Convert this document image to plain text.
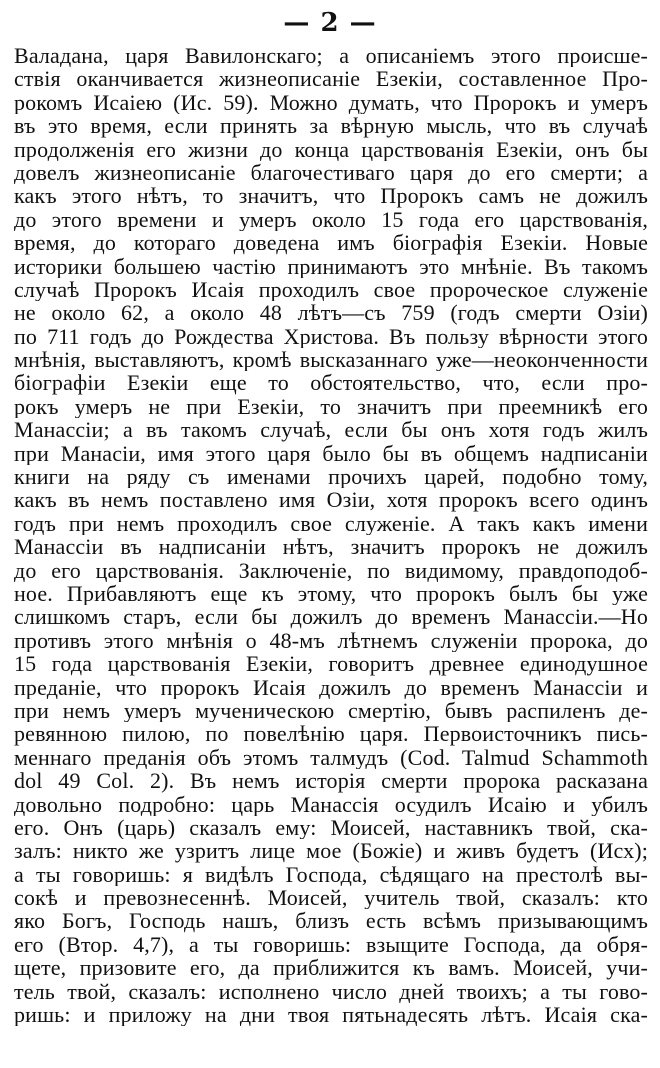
— 2 —
Валадана, царя Вавилонскаго; а описанiемъ этого происше-
ствiя оканчивается жизнеописанiе Езекiи, составленное Про-
рокомъ Исаiею (Ис. 59). Можно думать, что Пророкъ и умеръ
въ это время, если принять за вѣрную мысль, что въ случаѣ
продолженiя его жизни до конца царствованiя Езекiи, онъ бы
довелъ жизнеописанiе благочестиваго царя до его смерти; а
какъ этого нѣтъ, то значитъ, что Пророкъ самъ не дожилъ
до этого времени и умеръ около 15 года его царствованiя,
время, до котораго доведена имъ бiографiя Езекiи. Новые
историки большею частiю принимаютъ это мнѣнiе. Въ такомъ
случаѣ Пророкъ Исаiя проходилъ свое пророческое служенiе
не около 62, а около 48 лѣтъ—съ 759 (годъ смерти Озiи)
по 711 годъ до Рождества Христова. Въ пользу вѣрности этого
мнѣнiя, выставляютъ, кромѣ высказаннаго уже—неоконченности
бiографiи Езекiи еще то обстоятельство, что, если про-
рокъ умеръ не при Езекiи, то значитъ при преемникѣ его
Манассiи; а въ такомъ случаѣ, если бы онъ хотя годъ жилъ
при Манасiи, имя этого царя было бы въ общемъ надписанiи
книги на ряду съ именами прочихъ царей, подобно тому,
какъ въ немъ поставлено имя Озiи, хотя пророкъ всего одинъ
годъ при немъ проходилъ свое служенiе. А такъ какъ имени
Манассiи въ надписанiи нѣтъ, значитъ пророкъ не дожилъ
до его царствованiя. Заключенiе, по видимому, правдоподоб-
ное. Прибавляютъ еще къ этому, что пророкъ былъ бы уже
слишкомъ старъ, если бы дожилъ до временъ Манассiи.—Но
противъ этого мнѣнiя о 48-мъ лѣтнемъ служенiи пророка, до
15 года царствованiя Езекiи, говоритъ древнее единодушное
преданiе, что пророкъ Исаiя дожилъ до временъ Манассiи и
при немъ умеръ мученическою смертiю, бывъ распиленъ де-
ревянною пилою, по повелѣнiю царя. Первоисточникъ пись-
меннаго преданiя объ этомъ талмудъ (Cod. Talmud Schammoth
dol 49 Col. 2). Въ немъ исторiя смерти пророка расказана
довольно подробно: царь Манассiя осудилъ Исаiю и убилъ
его. Онъ (царь) сказалъ ему: Моисей, наставникъ твой, ска-
залъ: никто же узритъ лице мое (Божiе) и живъ будетъ (Исх);
а ты говоришь: я видѣлъ Господа, сѣдящаго на престолѣ вы-
сокѣ и превознесеннѣ. Моисей, учитель твой, сказалъ: кто
яко Богъ, Господь нашъ, близъ есть всѣмъ призывающимъ
его (Втор. 4,7), а ты говоришь: взыщите Господа, да обря-
щете, призовите его, да приближится къ вамъ. Моисей, учи-
тель твой, сказалъ: исполнено число дней твоихъ; а ты гово-
ришь: и приложу на дни твоя пятьнадесять лѣтъ. Исаiя ска-
